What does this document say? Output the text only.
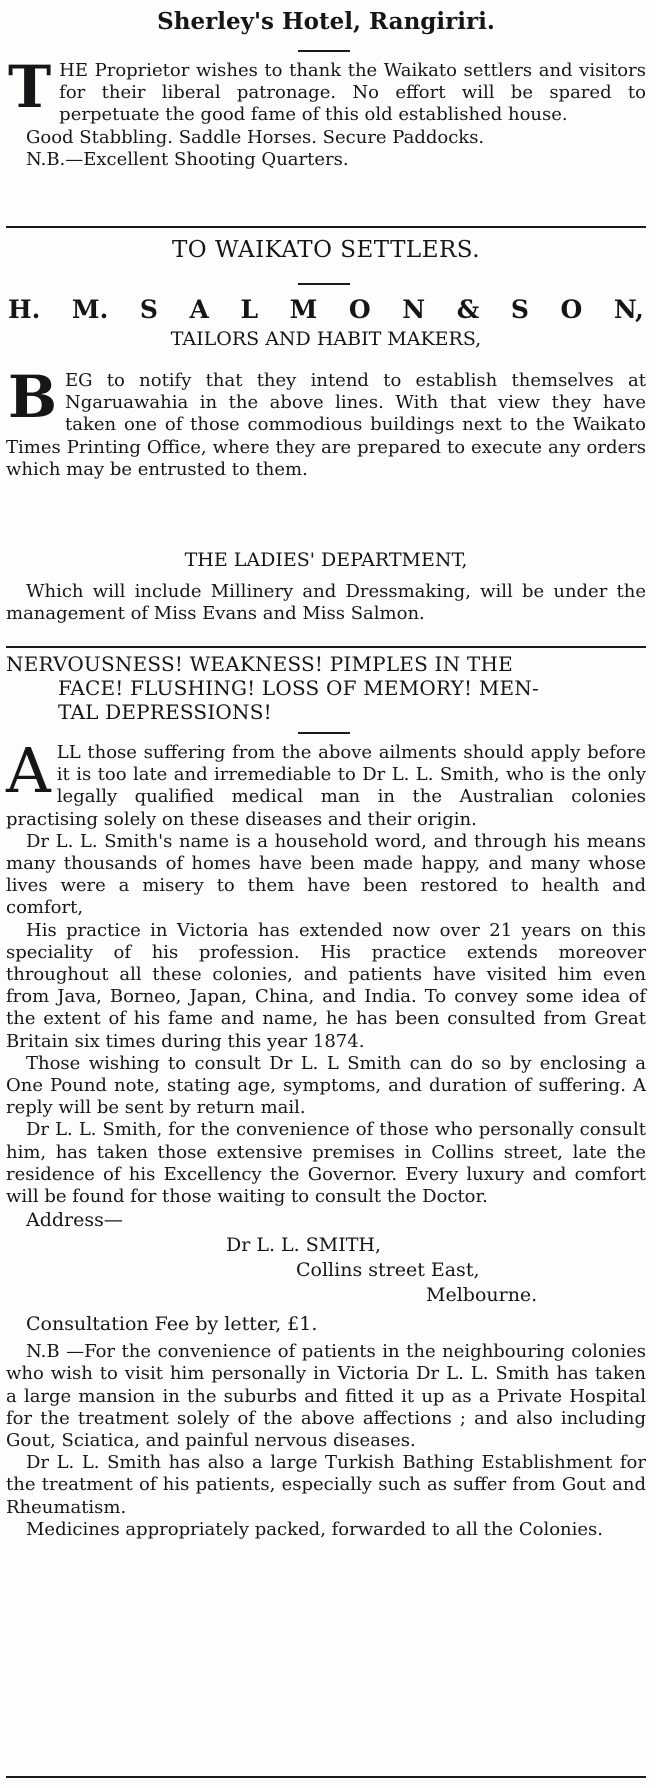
Sherley's Hotel, Rangiriri.
T HE Proprietor wishes to thank the Waikato settlers and visitors for their liberal patronage. No effort will be spared to perpetuate the good fame of this old established house.

Good Stabbling. Saddle Horses. Secure Paddocks.

N.B.—Excellent Shooting Quarters.

TO WAIKATO SETTLERS.
H. M. S A L M O N & S O N,
TAILORS AND HABIT MAKERS,
B EG to notify that they intend to establish themselves at Ngaruawahia in the above lines. With that view they have taken one of those commodious buildings next to the Waikato Times Printing Office, where they are prepared to execute any orders which may be entrusted to them.

THE LADIES' DEPARTMENT,

Which will include Millinery and Dressmaking, will be under the management of Miss Evans and Miss Salmon.

NERVOUSNESS! WEAKNESS! PIMPLES IN THE
FACE! FLUSHING! LOSS OF MEMORY! MEN-
TAL DEPRESSIONS!
A LL those suffering from the above ailments should apply before it is too late and irremediable to Dr L. L. Smith, who is the only legally qualified medical man in the Australian colonies practising solely on these diseases and their origin.

Dr L. L. Smith's name is a household word, and through his means many thousands of homes have been made happy, and many whose lives were a misery to them have been restored to health and comfort,

His practice in Victoria has extended now over 21 years on this speciality of his profession. His practice extends moreover throughout all these colonies, and patients have visited him even from Java, Borneo, Japan, China, and India. To convey some idea of the extent of his fame and name, he has been consulted from Great Britain six times during this year 1874.

Those wishing to consult Dr L. L Smith can do so by enclosing a One Pound note, stating age, symptoms, and duration of suffering. A reply will be sent by return mail.

Dr L. L. Smith, for the convenience of those who personally consult him, has taken those extensive premises in Collins street, late the residence of his Excellency the Governor. Every luxury and comfort will be found for those waiting to consult the Doctor.

Address—
Dr L. L. SMITH,
Collins street East,
Melbourne.
Consultation Fee by letter, £1.

N.B —For the convenience of patients in the neighbouring colonies who wish to visit him personally in Victoria Dr L. L. Smith has taken a large mansion in the suburbs and fitted it up as a Private Hospital for the treatment solely of the above affections ; and also including Gout, Sciatica, and painful nervous diseases.

Dr L. L. Smith has also a large Turkish Bathing Establishment for the treatment of his patients, especially such as suffer from Gout and Rheumatism.

Medicines appropriately packed, forwarded to all the Colonies.
